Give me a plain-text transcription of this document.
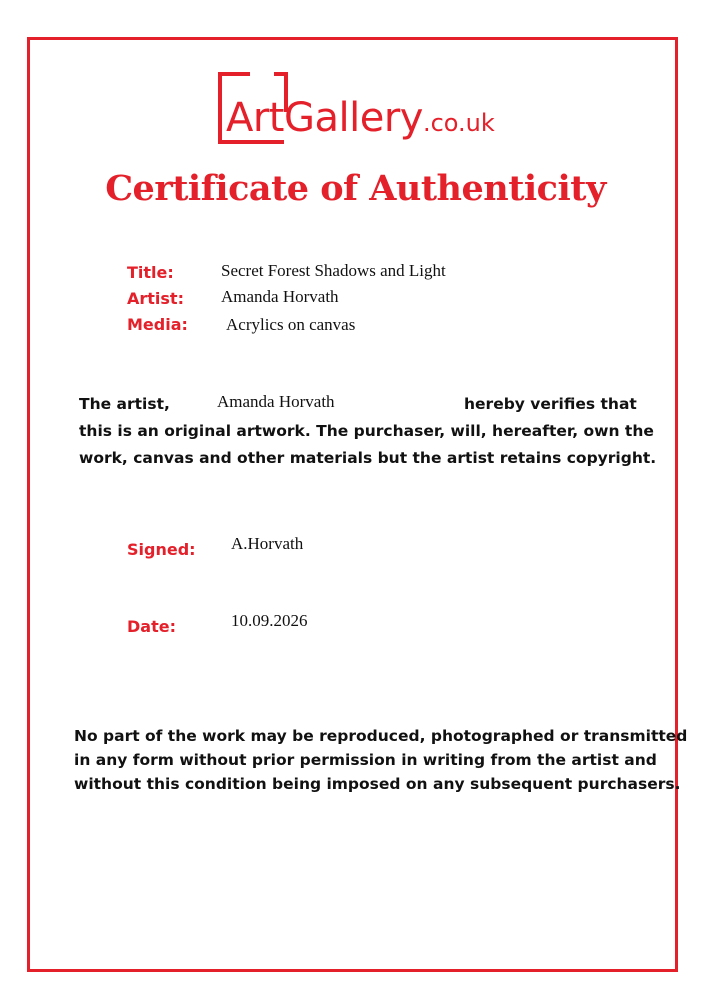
ArtGallery.co.uk
Certificate of Authenticity
Title:	Secret Forest Shadows and Light
Artist: Amanda Horvath
Media: Acrylics on canvas
The artist,	Amanda Horvath	hereby verifies that
this is an original artwork. The purchaser, will, hereafter, own the
work, canvas and other materials but the artist retains copyright.
Signed: A.Horvath
Date:	10.09.2026
No part of the work may be reproduced, photographed or transmitted
in any form without prior permission in writing from the artist and
without this condition being imposed on any subsequent purchasers.
